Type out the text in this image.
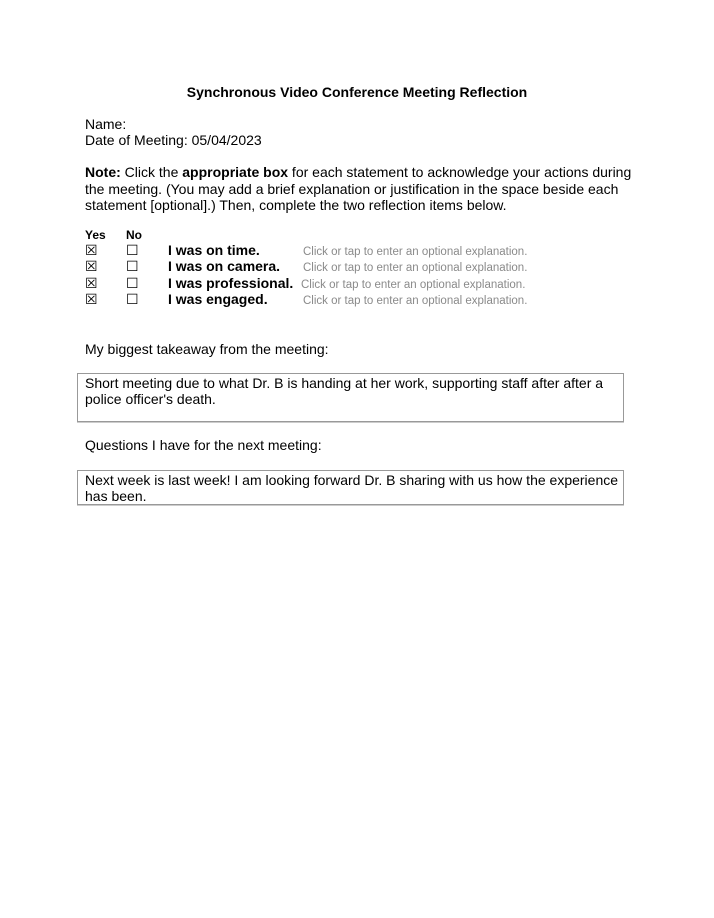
Synchronous Video Conference Meeting Reflection
Name:
Date of Meeting: 05/04/2023
Note: Click the appropriate box for each statement to acknowledge your actions during the meeting. (You may add a brief explanation or justification in the space beside each statement [optional].) Then, complete the two reflection items below.
Yes No
☒ ☐ I was on time.	Click or tap to enter an optional explanation.
☒ ☐ I was on camera. Click or tap to enter an optional explanation.
☒ ☐ I was professional. Click or tap to enter an optional explanation.
☒ ☐ I was engaged.	Click or tap to enter an optional explanation.
My biggest takeaway from the meeting:
Short meeting due to what Dr. B is handing at her work, supporting staff after after a police officer's death.
Questions I have for the next meeting:
Next week is last week! I am looking forward Dr. B sharing with us how the experience has been.
